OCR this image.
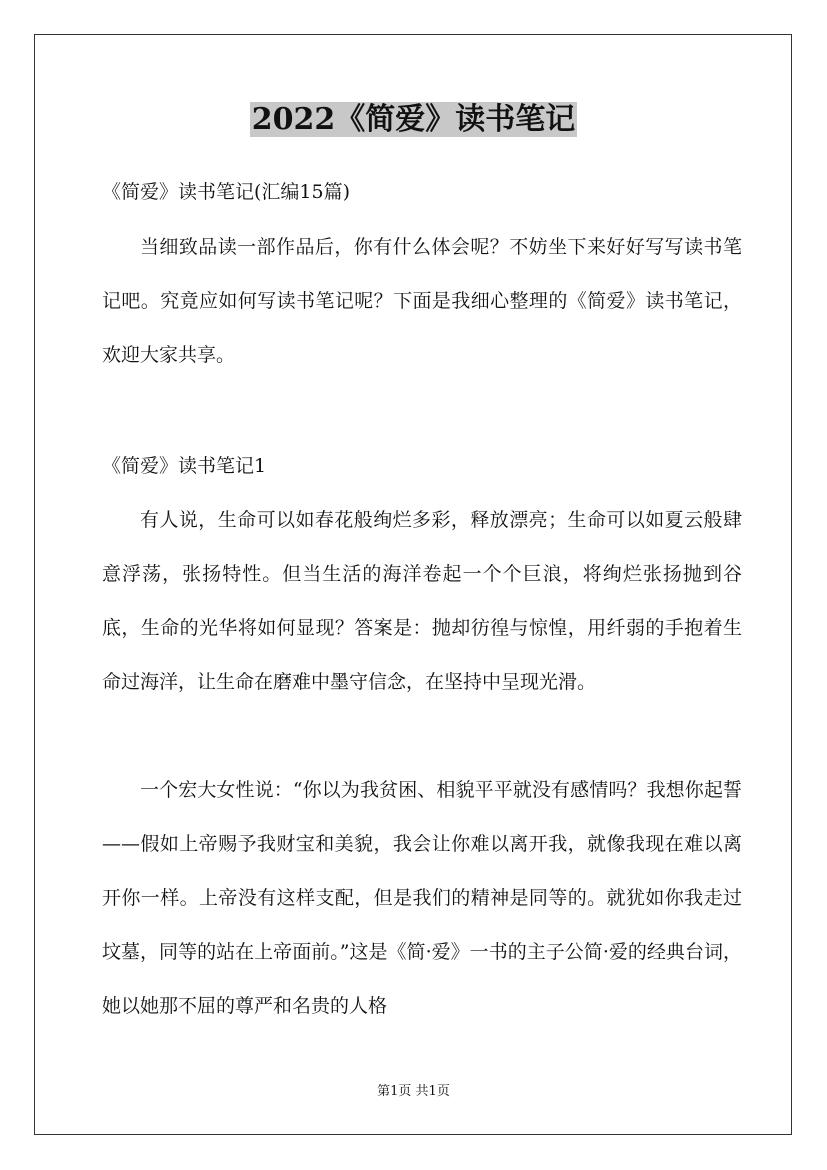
2022《简爱》读书笔记
《简爱》读书笔记(汇编15篇)

当细致品读一部作品后，你有什么体会呢？不妨坐下来好好写写读书笔记吧。究竟应如何写读书笔记呢？下面是我细心整理的《简爱》读书笔记，欢迎大家共享。

《简爱》读书笔记1

有人说，生命可以如春花般绚烂多彩，释放漂亮；生命可以如夏云般肆意浮荡，张扬特性。但当生活的海洋卷起一个个巨浪，将绚烂张扬抛到谷底，生命的光华将如何显现？答案是：抛却彷徨与惊惶，用纤弱的手抱着生命过海洋，让生命在磨难中墨守信念，在坚持中呈现光滑。

一个宏大女性说：“你以为我贫困、相貌平平就没有感情吗？我想你起誓——假如上帝赐予我财宝和美貌，我会让你难以离开我，就像我现在难以离开你一样。上帝没有这样支配，但是我们的精神是同等的。就犹如你我走过坟墓，同等的站在上帝面前。”这是《简·爱》一书的主子公简·爱的经典台词，她以她那不屈的尊严和名贵的人格

第1页 共1页
